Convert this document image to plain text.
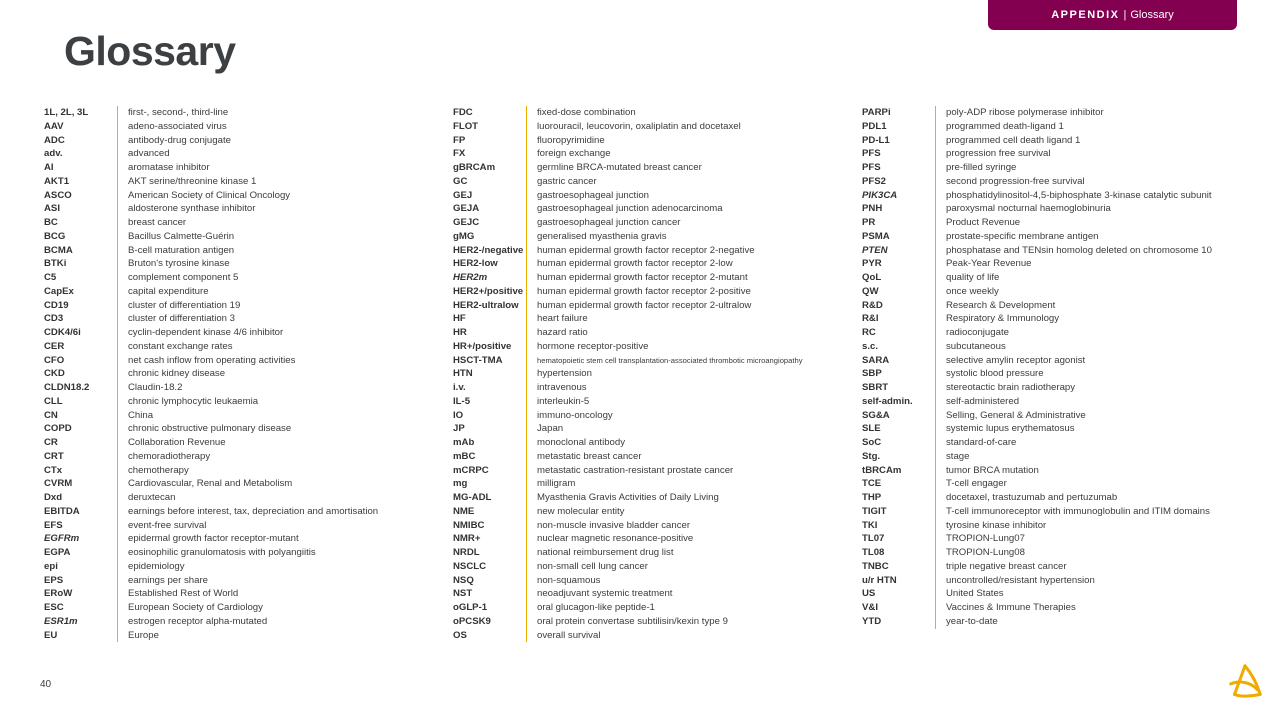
APPENDIX | Glossary
Glossary
1L, 2L, 3L	first-, second-, third-line
AAV	adeno-associated virus
ADC	antibody-drug conjugate
adv.	advanced
AI	aromatase inhibitor
AKT1	AKT serine/threonine kinase 1
ASCO	American Society of Clinical Oncology
ASI	aldosterone synthase inhibitor
BC	breast cancer
BCG	Bacillus Calmette-Guérin
BCMA	B-cell maturation antigen
BTKi	Bruton's tyrosine kinase
C5	complement component 5
CapEx	capital expenditure
CD19	cluster of differentiation 19
CD3	cluster of differentiation 3
CDK4/6i	cyclin-dependent kinase 4/6 inhibitor
CER	constant exchange rates
CFO	net cash inflow from operating activities
CKD	chronic kidney disease
CLDN18.2	Claudin-18.2
CLL	chronic lymphocytic leukaemia
CN	China
COPD	chronic obstructive pulmonary disease
CR	Collaboration Revenue
CRT	chemoradiotherapy
CTx	chemotherapy
CVRM	Cardiovascular, Renal and Metabolism
Dxd	deruxtecan
EBITDA	earnings before interest, tax, depreciation and amortisation
EFS	event-free survival
EGFRm	epidermal growth factor receptor-mutant
EGPA	eosinophilic granulomatosis with polyangiitis
epi	epidemiology
EPS	earnings per share
ERoW	Established Rest of World
ESC	European Society of Cardiology
ESR1m	estrogen receptor alpha-mutated
EU	Europe
FDC	fixed-dose combination
FLOT	luorouracil, leucovorin, oxaliplatin and docetaxel
FP	fluoropyrimidine
FX	foreign exchange
gBRCAm	germline BRCA-mutated breast cancer
GC	gastric cancer
GEJ	gastroesophageal junction
GEJA	gastroesophageal junction adenocarcinoma
GEJC	gastroesophageal junction cancer
gMG	generalised myasthenia gravis
HER2-/negative	human epidermal growth factor receptor 2-negative
HER2-low	human epidermal growth factor receptor 2-low
HER2m	human epidermal growth factor receptor 2-mutant
HER2+/positive	human epidermal growth factor receptor 2-positive
HER2-ultralow	human epidermal growth factor receptor 2-ultralow
HF	heart failure
HR	hazard ratio
HR+/positive	hormone receptor-positive
HSCT-TMA	hematopoietic stem cell transplantation-associated thrombotic microangiopathy
HTN	hypertension
i.v.	intravenous
IL-5	interleukin-5
IO	immuno-oncology
JP	Japan
mAb	monoclonal antibody
mBC	metastatic breast cancer
mCRPC	metastatic castration-resistant prostate cancer
mg	milligram
MG-ADL	Myasthenia Gravis Activities of Daily Living
NME	new molecular entity
NMIBC	non-muscle invasive bladder cancer
NMR+	nuclear magnetic resonance-positive
NRDL	national reimbursement drug list
NSCLC	non-small cell lung cancer
NSQ	non-squamous
NST	neoadjuvant systemic treatment
oGLP-1	oral glucagon-like peptide-1
oPCSK9	oral protein convertase subtilisin/kexin type 9
OS	overall survival
PARPi	poly-ADP ribose polymerase inhibitor
PDL1	programmed death-ligand 1
PD-L1	programmed cell death ligand 1
PFS	progression free survival
PFS	pre-filled syringe
PFS2	second progression-free survival
PIK3CA	phosphatidylinositol-4,5-biphosphate 3-kinase catalytic subunit
PNH	paroxysmal nocturnal haemoglobinuria
PR	Product Revenue
PSMA	prostate-specific membrane antigen
PTEN	phosphatase and TENsin homolog deleted on chromosome 10
PYR	Peak-Year Revenue
QoL	quality of life
QW	once weekly
R&D	Research & Development
R&I	Respiratory & Immunology
RC	radioconjugate
s.c.	subcutaneous
SARA	selective amylin receptor agonist
SBP	systolic blood pressure
SBRT	stereotactic brain radiotherapy
self-admin.	self-administered
SG&A	Selling, General & Administrative
SLE	systemic lupus erythematosus
SoC	standard-of-care
Stg.	stage
tBRCAm	tumor BRCA mutation
TCE	T-cell engager
THP	docetaxel, trastuzumab and pertuzumab
TIGIT	T-cell immunoreceptor with immunoglobulin and ITIM domains
TKI	tyrosine kinase inhibitor
TL07	TROPION-Lung07
TL08	TROPION-Lung08
TNBC	triple negative breast cancer
u/r HTN	uncontrolled/resistant hypertension
US	United States
V&I	Vaccines & Immune Therapies
YTD	year-to-date
40
